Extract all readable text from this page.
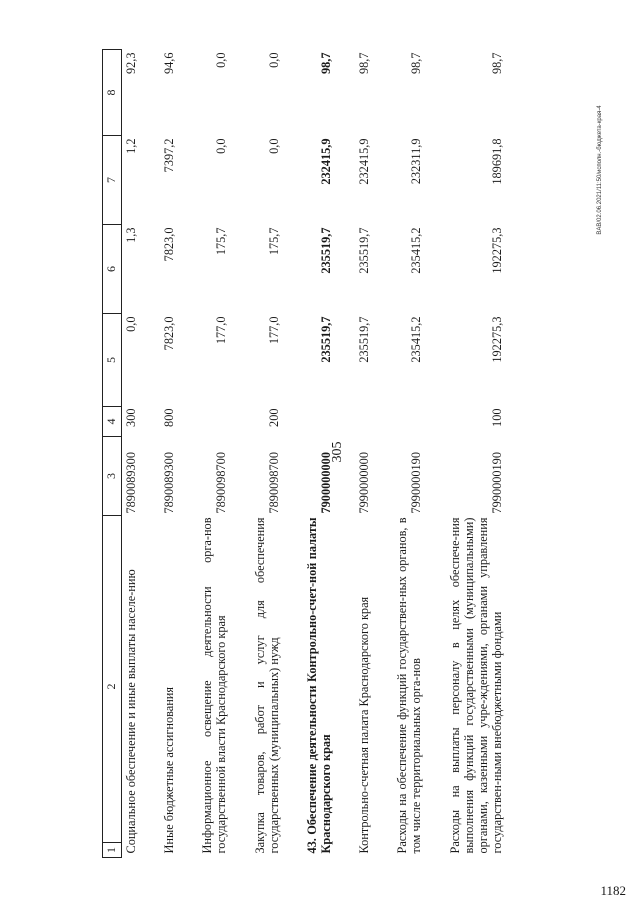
305
1
2	3	4	5	6	7	8
Социальное обеспечение и иные выплаты населе-нию	7890089300	300	0,0	1,3	1,2	92,3

Иные бюджетные ассигнования	7890089300	800	7823,0	7823,0	7397,2	94,6

Информационное освещение деятельности орга-нов государственной власти Краснодарского края	7890098700		177,0	175,7	0,0	0,0

Закупка товаров, работ и услуг для обеспечения государственных (муниципальных) нужд	7890098700	200	177,0	175,7	0,0	0,0

43. Обеспечение деятельности Контрольно-счет-ной палаты Краснодарского края	7900000000		235519,7	235519,7	232415,9	98,7

Контрольно-счетная палата Краснодарского края	7990000000		235519,7	235519,7	232415,9	98,7

Расходы на обеспечение функций государствен-ных органов, в том числе территориальных орга-нов	7990000190		235415,2	235415,2	232311,9	98,7

Расходы на выплаты персоналу в целях обеспече-ния выполнения функций государственными (муниципальными) органами, казенными учре-ждениями, органами управления государствен-ными внебюджетными фондами	7990000190	100	192275,3	192275,3	189691,8	98,7
BAB/02.06.2021/11:50/исполн.-бюджета-края-4
1182
